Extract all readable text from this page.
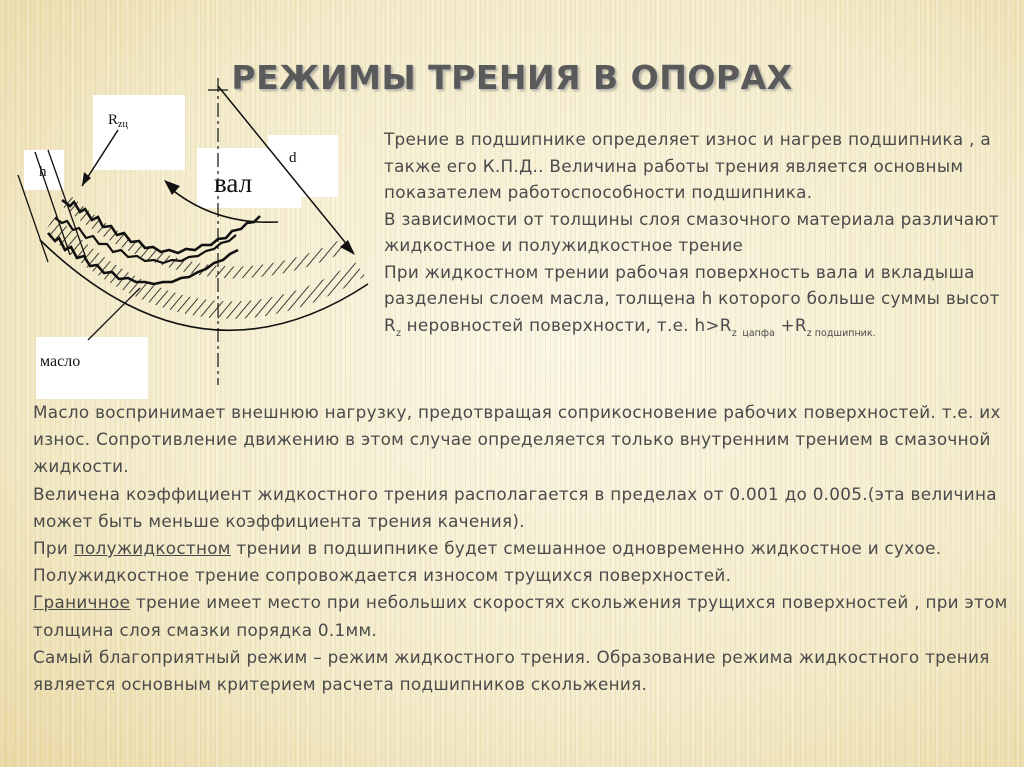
РЕЖИМЫ ТРЕНИЯ В ОПОРАХ
$R_{zц}$
h
d
вал
масло

Трение в подшипнике определяет износ и нагрев подшипника , а также его К.П.Д.. Величина работы трения является основным показателем работоспособности подшипника.

В зависимости от толщины слоя смазочного материала различают жидкостное и полужидкостное трение

При жидкостном трении рабочая поверхность вала и вкладыша разделены слоем масла, толщена h которого больше суммы высот $R_z$ неровностей поверхности, т.е. $h>R_z$ $_{цапфа} +R_{z подшипник.}$

Масло воспринимает внешнюю нагрузку, предотвращая соприкосновение рабочих поверхностей. т.е. их износ. Сопротивление движению в этом случае определяется только внутренним трением в смазочной жидкости.

Величена коэффициент жидкостного трения располагается в пределах от 0.001 до 0.005.(эта величина может быть меньше коэффициента трения качения).

При полужидкостном трении в подшипнике будет смешанное одновременно жидкостное и сухое. Полужидкостное трение сопровождается износом трущихся поверхностей.

Граничное трение имеет место при небольших скоростях скольжения трущихся поверхностей , при этом толщина слоя смазки порядка 0.1мм.

Самый благоприятный режим – режим жидкостного трения. Образование режима жидкостного трения является основным критерием расчета подшипников скольжения.
